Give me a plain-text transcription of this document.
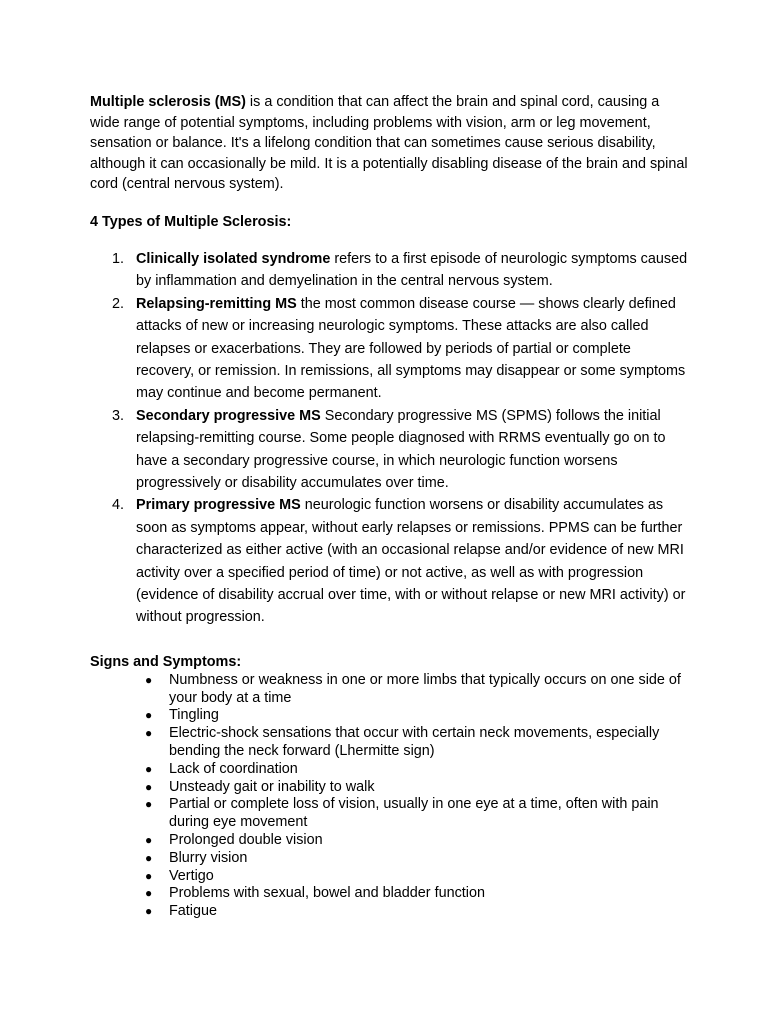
Multiple sclerosis (MS) is a condition that can affect the brain and spinal cord, causing a wide range of potential symptoms, including problems with vision, arm or leg movement, sensation or balance. It's a lifelong condition that can sometimes cause serious disability, although it can occasionally be mild. It is a potentially disabling disease of the brain and spinal cord (central nervous system).

4 Types of Multiple Sclerosis:

1. Clinically isolated syndrome refers to a first episode of neurologic symptoms caused by inflammation and demyelination in the central nervous system.
2. Relapsing-remitting MS the most common disease course — shows clearly defined attacks of new or increasing neurologic symptoms. These attacks are also called relapses or exacerbations. They are followed by periods of partial or complete recovery, or remission. In remissions, all symptoms may disappear or some symptoms may continue and become permanent.
3. Secondary progressive MS Secondary progressive MS (SPMS) follows the initial relapsing-remitting course. Some people diagnosed with RRMS eventually go on to have a secondary progressive course, in which neurologic function worsens progressively or disability accumulates over time.
4. Primary progressive MS neurologic function worsens or disability accumulates as soon as symptoms appear, without early relapses or remissions. PPMS can be further characterized as either active (with an occasional relapse and/or evidence of new MRI activity over a specified period of time) or not active, as well as with progression (evidence of disability accrual over time, with or without relapse or new MRI activity) or without progression.

Signs and Symptoms:

● Numbness or weakness in one or more limbs that typically occurs on one side of your body at a time
● Tingling
● Electric-shock sensations that occur with certain neck movements, especially bending the neck forward (Lhermitte sign)
● Lack of coordination
● Unsteady gait or inability to walk
● Partial or complete loss of vision, usually in one eye at a time, often with pain during eye movement
● Prolonged double vision
● Blurry vision
● Vertigo
● Problems with sexual, bowel and bladder function
● Fatigue
